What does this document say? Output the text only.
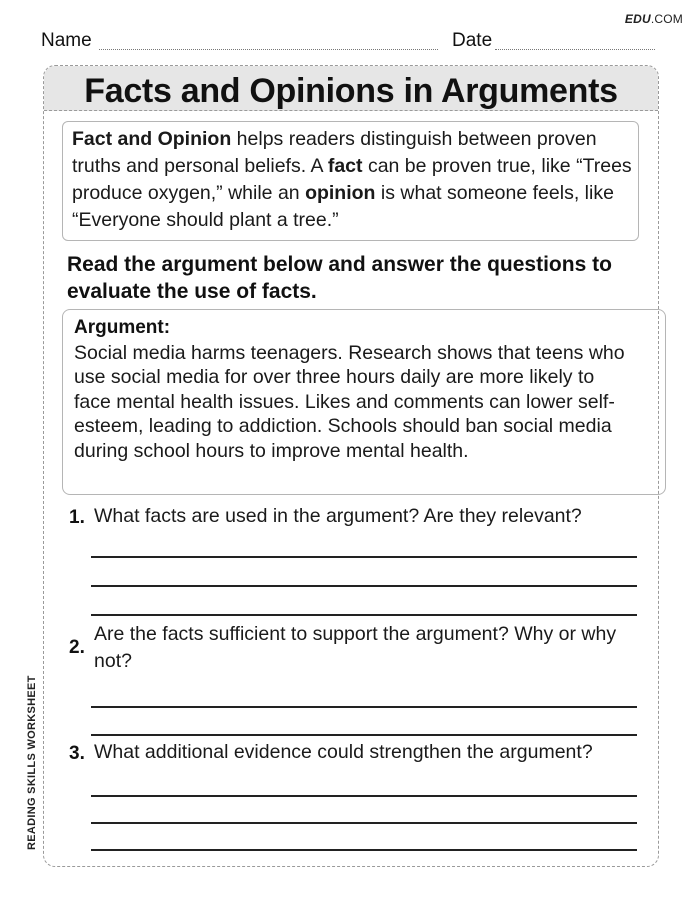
EDU.COM
Name	Date
READING SKILLS WORKSHEET
Facts and Opinions in Arguments
Fact and Opinion helps readers distinguish between proven truths and personal beliefs. A fact can be proven true, like “Trees produce oxygen,” while an opinion is what someone feels, like “Everyone should plant a tree.”
Read the argument below and answer the questions to evaluate the use of facts.
Argument:
Social media harms teenagers. Research shows that teens who use social media for over three hours daily are more likely to face mental health issues. Likes and comments can lower self-esteem, leading to addiction. Schools should ban social media during school hours to improve mental health.
1. What facts are used in the argument? Are they relevant?
2.
Are the facts sufficient to support the argument? Why or why not?
3. What additional evidence could strengthen the argument?
